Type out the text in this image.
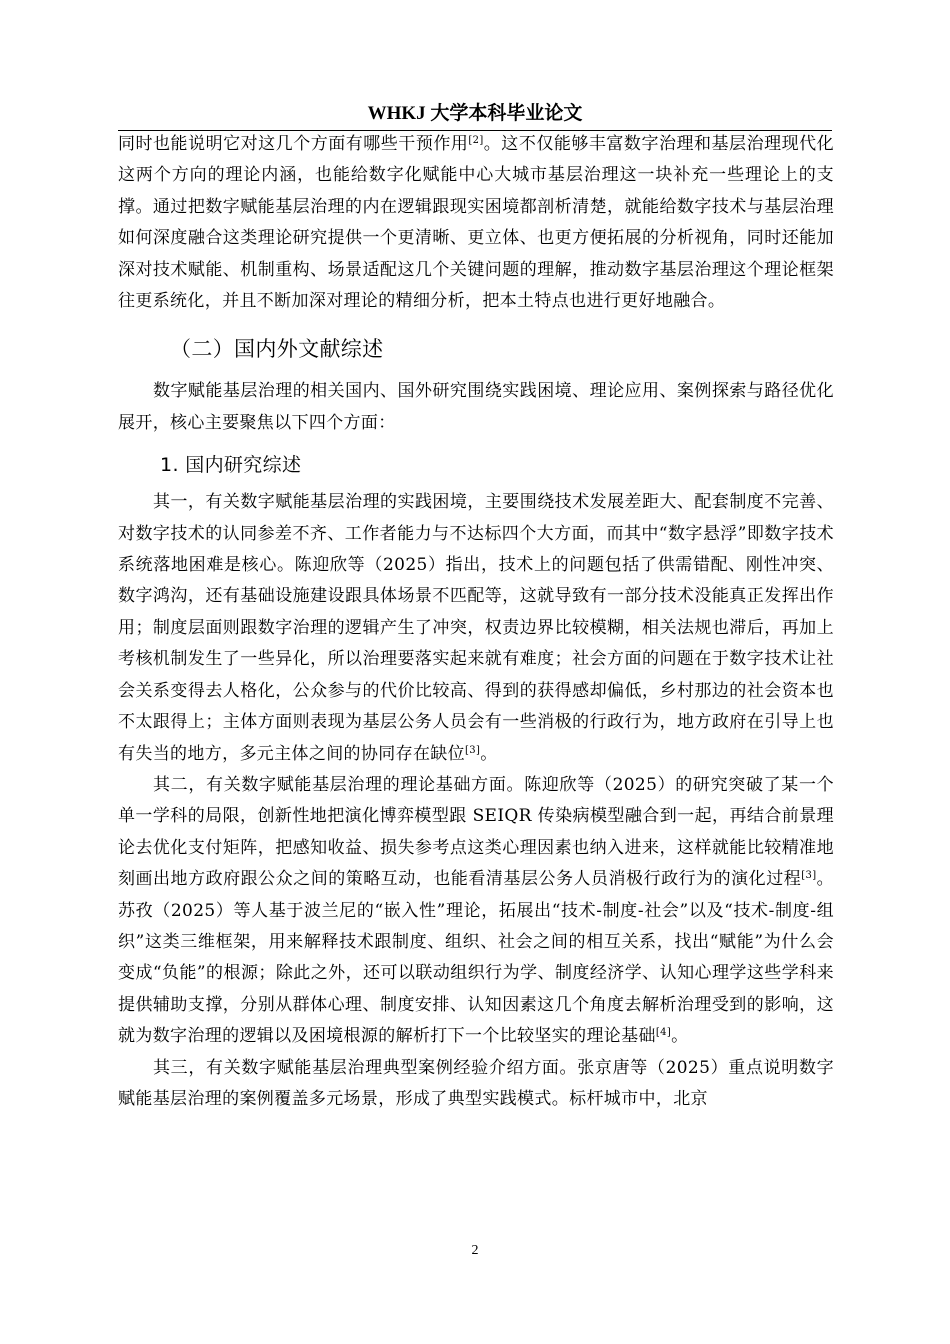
WHKJ 大学本科毕业论文

同时也能说明它对这几个方面有哪些干预作用[2]。这不仅能够丰富数字治理和基层治理现代化这两个方向的理论内涵，也能给数字化赋能中心大城市基层治理这一块补充一些理论上的支撑。通过把数字赋能基层治理的内在逻辑跟现实困境都剖析清楚，就能给数字技术与基层治理如何深度融合这类理论研究提供一个更清晰、更立体、也更方便拓展的分析视角，同时还能加深对技术赋能、机制重构、场景适配这几个关键问题的理解，推动数字基层治理这个理论框架往更系统化，并且不断加深对理论的精细分析，把本土特点也进行更好地融合。

（二）国内外文献综述

数字赋能基层治理的相关国内、国外研究围绕实践困境、理论应用、案例探索与路径优化展开，核心主要聚焦以下四个方面：

1. 国内研究综述

其一，有关数字赋能基层治理的实践困境，主要围绕技术发展差距大、配套制度不完善、对数字技术的认同参差不齐、工作者能力与不达标四个大方面，而其中“数字悬浮”即数字技术系统落地困难是核心。陈迎欣等（2025）指出，技术上的问题包括了供需错配、刚性冲突、数字鸿沟，还有基础设施建设跟具体场景不匹配等，这就导致有一部分技术没能真正发挥出作用；制度层面则跟数字治理的逻辑产生了冲突，权责边界比较模糊，相关法规也滞后，再加上考核机制发生了一些异化，所以治理要落实起来就有难度；社会方面的问题在于数字技术让社会关系变得去人格化，公众参与的代价比较高、得到的获得感却偏低，乡村那边的社会资本也不太跟得上；主体方面则表现为基层公务人员会有一些消极的行政行为，地方政府在引导上也有失当的地方，多元主体之间的协同存在缺位[3]。

其二，有关数字赋能基层治理的理论基础方面。陈迎欣等（2025）的研究突破了某一个单一学科的局限，创新性地把演化博弈模型跟 SEIQR 传染病模型融合到一起，再结合前景理论去优化支付矩阵，把感知收益、损失参考点这类心理因素也纳入进来，这样就能比较精准地刻画出地方政府跟公众之间的策略互动，也能看清基层公务人员消极行政行为的演化过程[3]。苏孜（2025）等人基于波兰尼的“嵌入性”理论，拓展出“技术-制度-社会”以及“技术-制度-组织”这类三维框架，用来解释技术跟制度、组织、社会之间的相互关系，找出“赋能”为什么会变成“负能”的根源；除此之外，还可以联动组织行为学、制度经济学、认知心理学这些学科来提供辅助支撑，分别从群体心理、制度安排、认知因素这几个角度去解析治理受到的影响，这就为数字治理的逻辑以及困境根源的解析打下一个比较坚实的理论基础[4]。

其三，有关数字赋能基层治理典型案例经验介绍方面。张京唐等（2025）重点说明数字赋能基层治理的案例覆盖多元场景，形成了典型实践模式。标杆城市中，北京

2
